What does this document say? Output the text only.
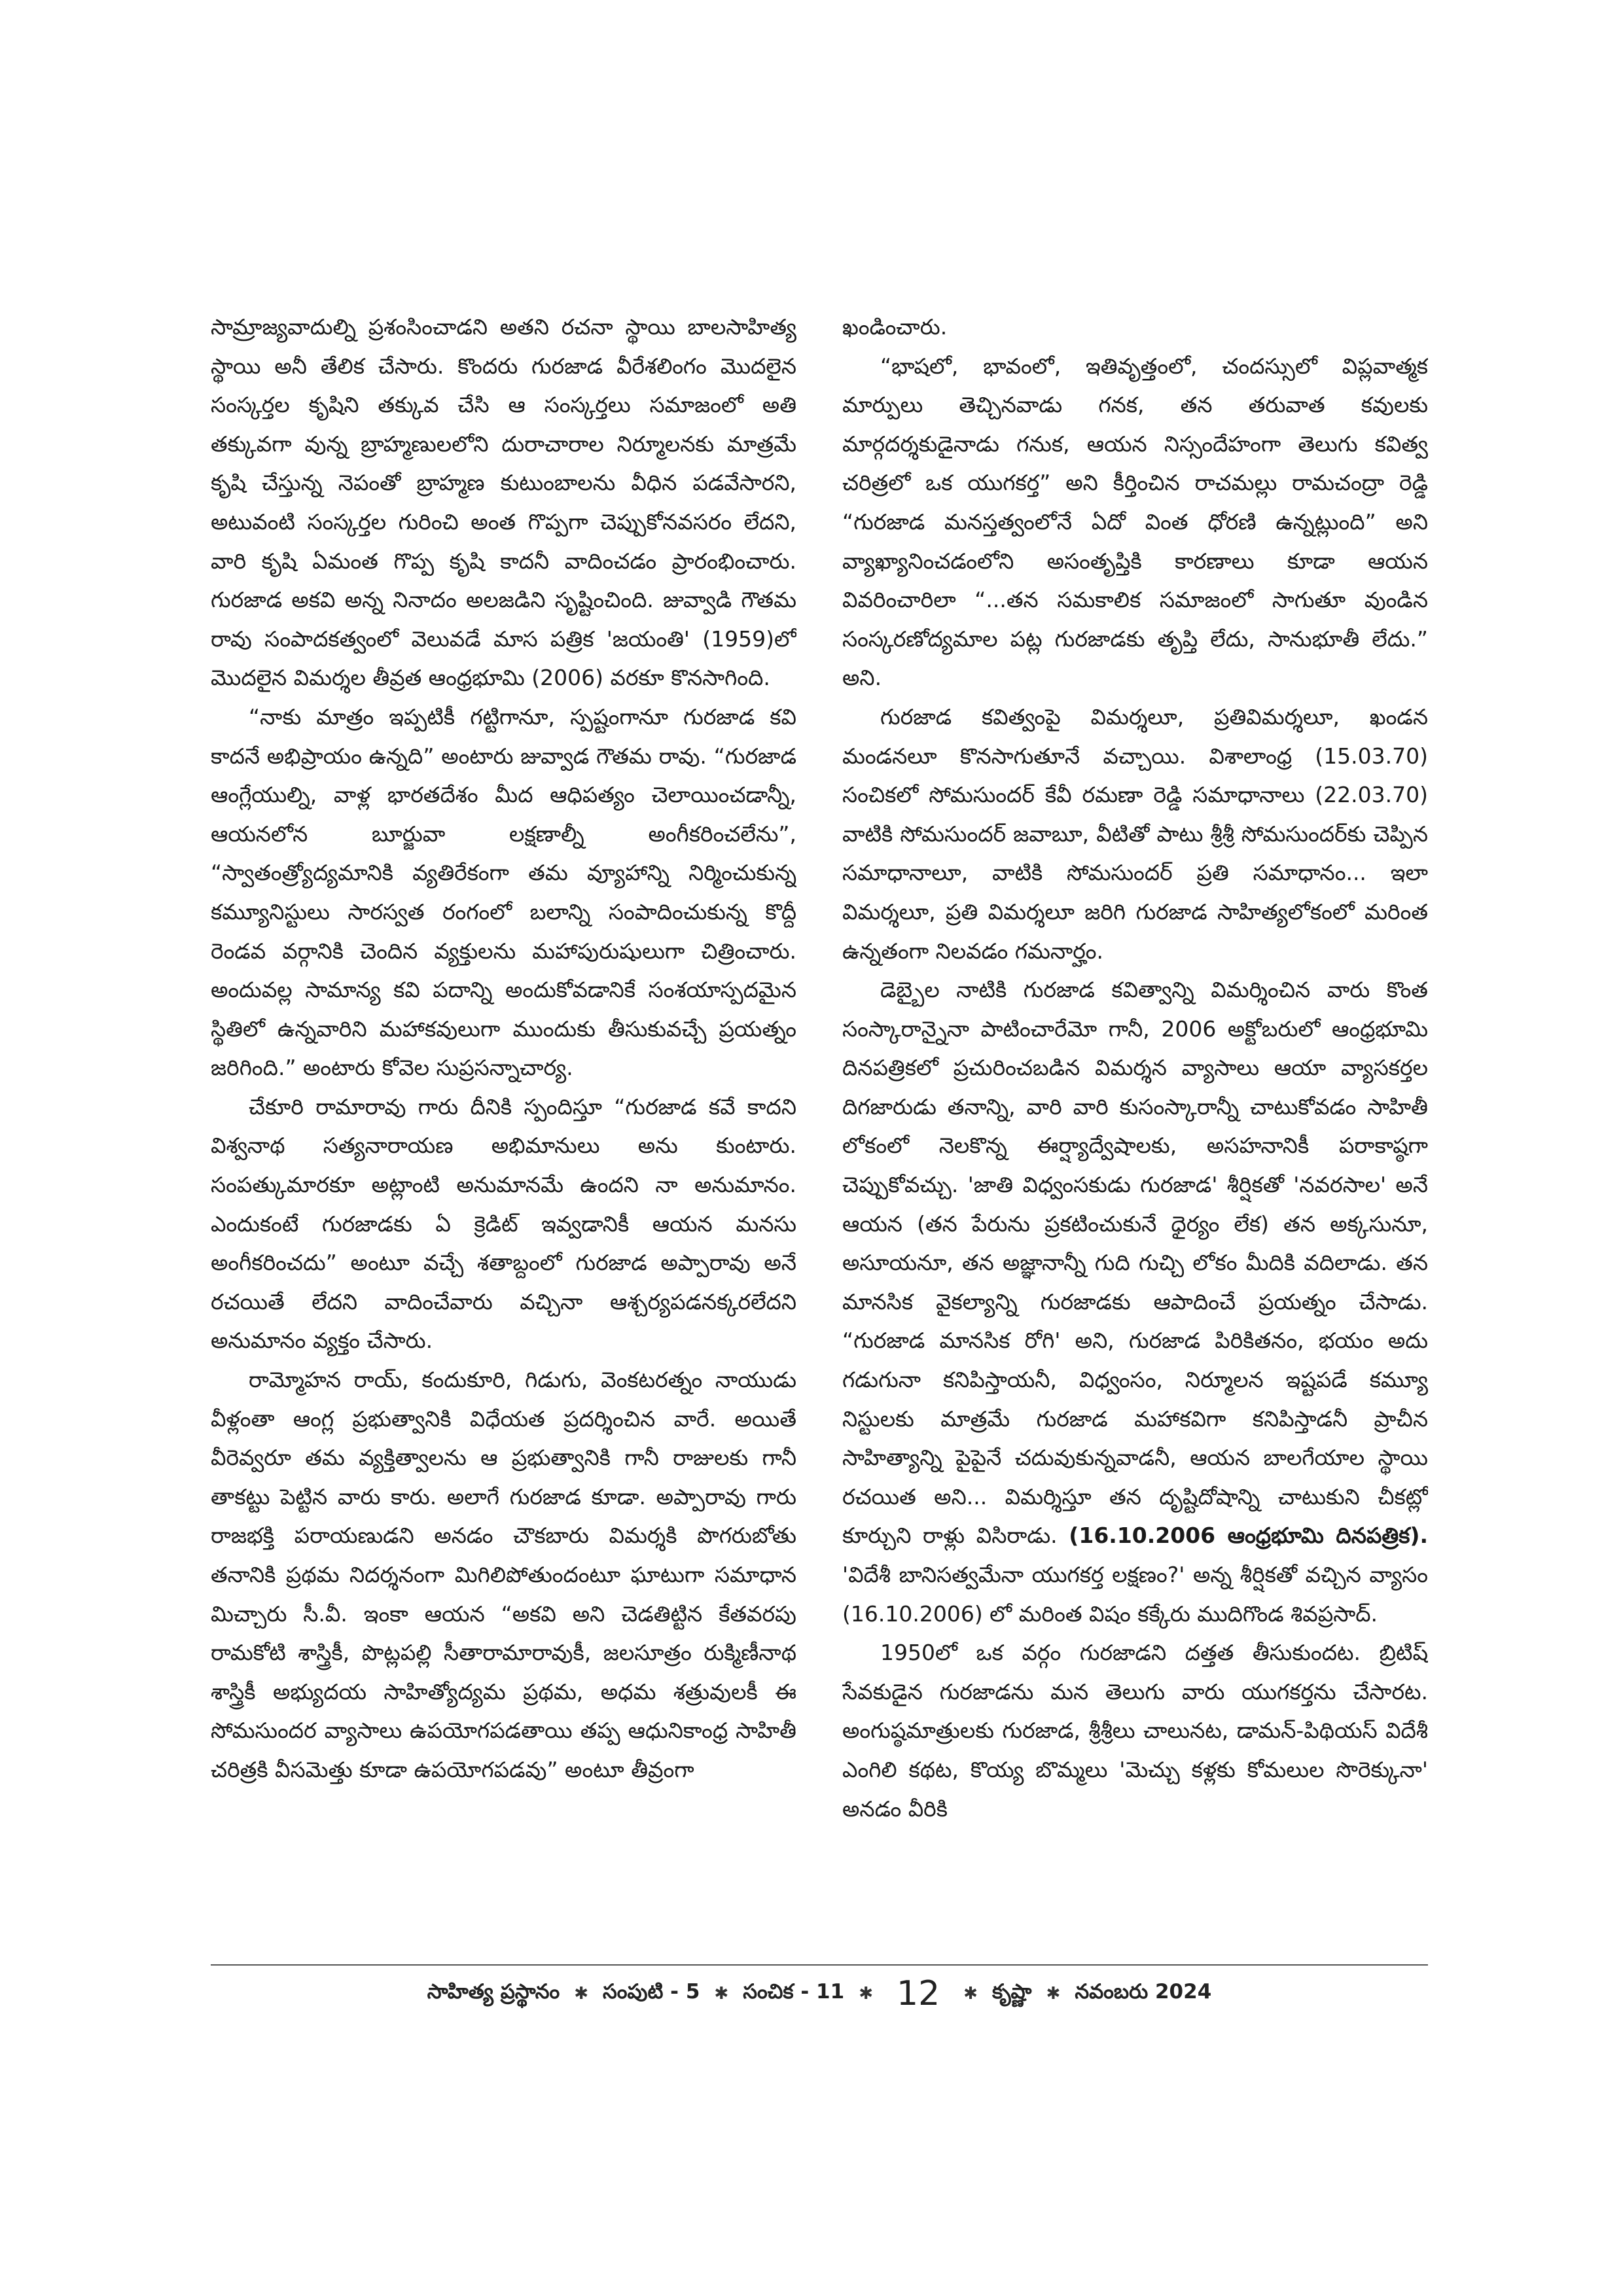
సామ్రాజ్యవాదుల్ని ప్రశంసించాడని అతని రచనా స్థాయి బాలసాహిత్య స్థాయి అనీ తేలిక చేసారు. కొందరు గురజాడ వీరేశలింగం మొదలైన సంస్కర్తల కృషిని తక్కువ చేసి ఆ సంస్కర్తలు సమాజంలో అతి తక్కువగా వున్న బ్రాహ్మణులలోని దురాచారాల నిర్మూలనకు మాత్రమే కృషి చేస్తున్న నెపంతో బ్రాహ్మణ కుటుంబాలను వీధిన పడవేసారని, అటువంటి సంస్కర్తల గురించి అంత గొప్పగా చెప్పుకోనవసరం లేదని, వారి కృషి ఏమంత గొప్ప కృషి కాదనీ వాదించడం ప్రారంభించారు. గురజాడ అకవి అన్న నినాదం అలజడిని సృష్టించింది. జువ్వాడి గౌతమ రావు సంపాదకత్వంలో వెలువడే మాస పత్రిక 'జయంతి' (1959)లో మొదలైన విమర్శల తీవ్రత ఆంధ్రభూమి (2006) వరకూ కొనసాగింది.

“నాకు మాత్రం ఇప్పటికీ గట్టిగానూ, స్పష్టంగానూ గురజాడ కవి కాదనే అభిప్రాయం ఉన్నది” అంటారు జువ్వాడ గౌతమ రావు. “గురజాడ ఆంగ్లేయుల్ని, వాళ్ల భారతదేశం మీద ఆధిపత్యం చెలాయించడాన్నీ, ఆయనలోన బూర్జువా లక్షణాల్నీ అంగీకరించలేను”, “స్వాతంత్ర్యోద్యమానికి వ్యతిరేకంగా తమ వ్యూహాన్ని నిర్మించుకున్న కమ్యూనిస్టులు సారస్వత రంగంలో బలాన్ని సంపాదించుకున్న కొద్దీ రెండవ వర్గానికి చెందిన వ్యక్తులను మహాపురుషులుగా చిత్రించారు. అందువల్ల సామాన్య కవి పదాన్ని అందుకోవడానికే సంశయాస్పదమైన స్థితిలో ఉన్నవారిని మహాకవులుగా ముందుకు తీసుకువచ్చే ప్రయత్నం జరిగింది.” అంటారు కోవెల సుప్రసన్నాచార్య.

చేకూరి రామారావు గారు దీనికి స్పందిస్తూ “గురజాడ కవే కాదని విశ్వనాథ సత్యనారాయణ అభిమానులు అను కుంటారు. సంపత్కుమారకూ అట్లాంటి అనుమానమే ఉందని నా అనుమానం. ఎందుకంటే గురజాడకు ఏ క్రెడిట్ ఇవ్వడానికీ ఆయన మనసు అంగీకరించదు” అంటూ వచ్చే శతాబ్దంలో గురజాడ అప్పారావు అనే రచయితే లేదని వాదించేవారు వచ్చినా ఆశ్చర్యపడనక్కరలేదని అనుమానం వ్యక్తం చేసారు.

రామ్మోహన రాయ్, కందుకూరి, గిడుగు, వెంకటరత్నం నాయుడు వీళ్లంతా ఆంగ్ల ప్రభుత్వానికి విధేయత ప్రదర్శించిన వారే. అయితే వీరెవ్వరూ తమ వ్యక్తిత్వాలను ఆ ప్రభుత్వానికి గానీ రాజులకు గానీ తాకట్టు పెట్టిన వారు కారు. అలాగే గురజాడ కూడా. అప్పారావు గారు రాజభక్తి పరాయణుడని అనడం చౌకబారు విమర్శకి పొగరుబోతు తనానికి ప్రథమ నిదర్శనంగా మిగిలిపోతుందంటూ ఘాటుగా సమాధాన మిచ్చారు సీ.వీ. ఇంకా ఆయన “అకవి అని చెడతిట్టిన కేతవరపు రామకోటి శాస్త్రికీ, పొట్లపల్లి సీతారామారావుకీ, జలసూత్రం రుక్మిణీనాథ శాస్త్రికీ అభ్యుదయ సాహిత్యోద్యమ ప్రథమ, అధమ శత్రువులకీ ఈ సోమసుందర వ్యాసాలు ఉపయోగపడతాయి తప్ప ఆధునికాంధ్ర సాహితీ చరిత్రకి వీసమెత్తు కూడా ఉపయోగపడవు” అంటూ తీవ్రంగా

ఖండించారు.

“భాషలో, భావంలో, ఇతివృత్తంలో, చందస్సులో విప్లవాత్మక మార్పులు తెచ్చినవాడు గనక, తన తరువాత కవులకు మార్గదర్శకుడైనాడు గనుక, ఆయన నిస్సందేహంగా తెలుగు కవిత్వ చరిత్రలో ఒక యుగకర్త” అని కీర్తించిన రాచమల్లు రామచంద్రా రెడ్డి “గురజాడ మనస్తత్వంలోనే ఏదో వింత ధోరణి ఉన్నట్లుంది” అని వ్యాఖ్యానించడంలోని అసంతృప్తికి కారణాలు కూడా ఆయన వివరించారిలా “...తన సమకాలిక సమాజంలో సాగుతూ వుండిన సంస్కరణోద్యమాల పట్ల గురజాడకు తృప్తి లేదు, సానుభూతీ లేదు.” అని.

గురజాడ కవిత్వంపై విమర్శలూ, ప్రతివిమర్శలూ, ఖండన మండనలూ కొనసాగుతూనే వచ్చాయి. విశాలాంధ్ర (15.03.70) సంచికలో సోమసుందర్ కేవీ రమణా రెడ్డి సమాధానాలు (22.03.70) వాటికి సోమసుందర్ జవాబూ, వీటితో పాటు శ్రీశ్రీ సోమసుందర్‌కు చెప్పిన సమాధానాలూ, వాటికి సోమసుందర్ ప్రతి సమాధానం... ఇలా విమర్శలూ, ప్రతి విమర్శలూ జరిగి గురజాడ సాహిత్యలోకంలో మరింత ఉన్నతంగా నిలవడం గమనార్హం.

డెబ్బైల నాటికి గురజాడ కవిత్వాన్ని విమర్శించిన వారు కొంత సంస్కారాన్నైనా పాటించారేమో గానీ, 2006 అక్టోబరులో ఆంధ్రభూమి దినపత్రికలో ప్రచురించబడిన విమర్శన వ్యాసాలు ఆయా వ్యాసకర్తల దిగజారుడు తనాన్ని, వారి వారి కుసంస్కారాన్నీ చాటుకోవడం సాహితీ లోకంలో నెలకొన్న ఈర్ష్యాద్వేషాలకు, అసహనానికీ పరాకాష్ఠగా చెప్పుకోవచ్చు. 'జాతి విధ్వంసకుడు గురజాడ' శీర్షికతో 'నవరసాల' అనే ఆయన (తన పేరును ప్రకటించుకునే ధైర్యం లేక) తన అక్కసునూ, అసూయనూ, తన అజ్ఞానాన్నీ గుది గుచ్చి లోకం మీదికి వదిలాడు. తన మానసిక వైకల్యాన్ని గురజాడకు ఆపాదించే ప్రయత్నం చేసాడు. “గురజాడ మానసిక రోగి' అని, గురజాడ పిరికితనం, భయం అదు గడుగునా కనిపిస్తాయనీ, విధ్వంసం, నిర్మూలన ఇష్టపడే కమ్యూ నిస్టులకు మాత్రమే గురజాడ మహాకవిగా కనిపిస్తాడనీ ప్రాచీన సాహిత్యాన్ని పైపైనే చదువుకున్నవాడనీ, ఆయన బాలగేయాల స్థాయి రచయిత అని... విమర్శిస్తూ తన దృష్టిదోషాన్ని చాటుకుని చీకట్లో కూర్చుని రాళ్లు విసిరాడు. (16.10.2006 ఆంధ్రభూమి దినపత్రిక). 'విదేశీ బానిసత్వమేనా యుగకర్త లక్షణం?' అన్న శీర్షికతో వచ్చిన వ్యాసం (16.10.2006) లో మరింత విషం కక్కేరు ముదిగొండ శివప్రసాద్.

1950లో ఒక వర్గం గురజాడని దత్తత తీసుకుందట. బ్రిటిష్ సేవకుడైన గురజాడను మన తెలుగు వారు యుగకర్తను చేసారట. అంగుష్ఠమాత్రులకు గురజాడ, శ్రీశ్రీలు చాలునట, డామన్-పిథియస్ విదేశీ ఎంగిలి కథట, కొయ్య బొమ్మలు 'మెచ్చు కళ్లకు కోమలుల సొరెక్కునా' అనడం వీరికి

సాహిత్య ప్రస్థానం ✱ సంపుటి - 5 ✱ సంచిక - 11 ✱ 12	✱ కృష్ణా ✱ నవంబరు 2024
